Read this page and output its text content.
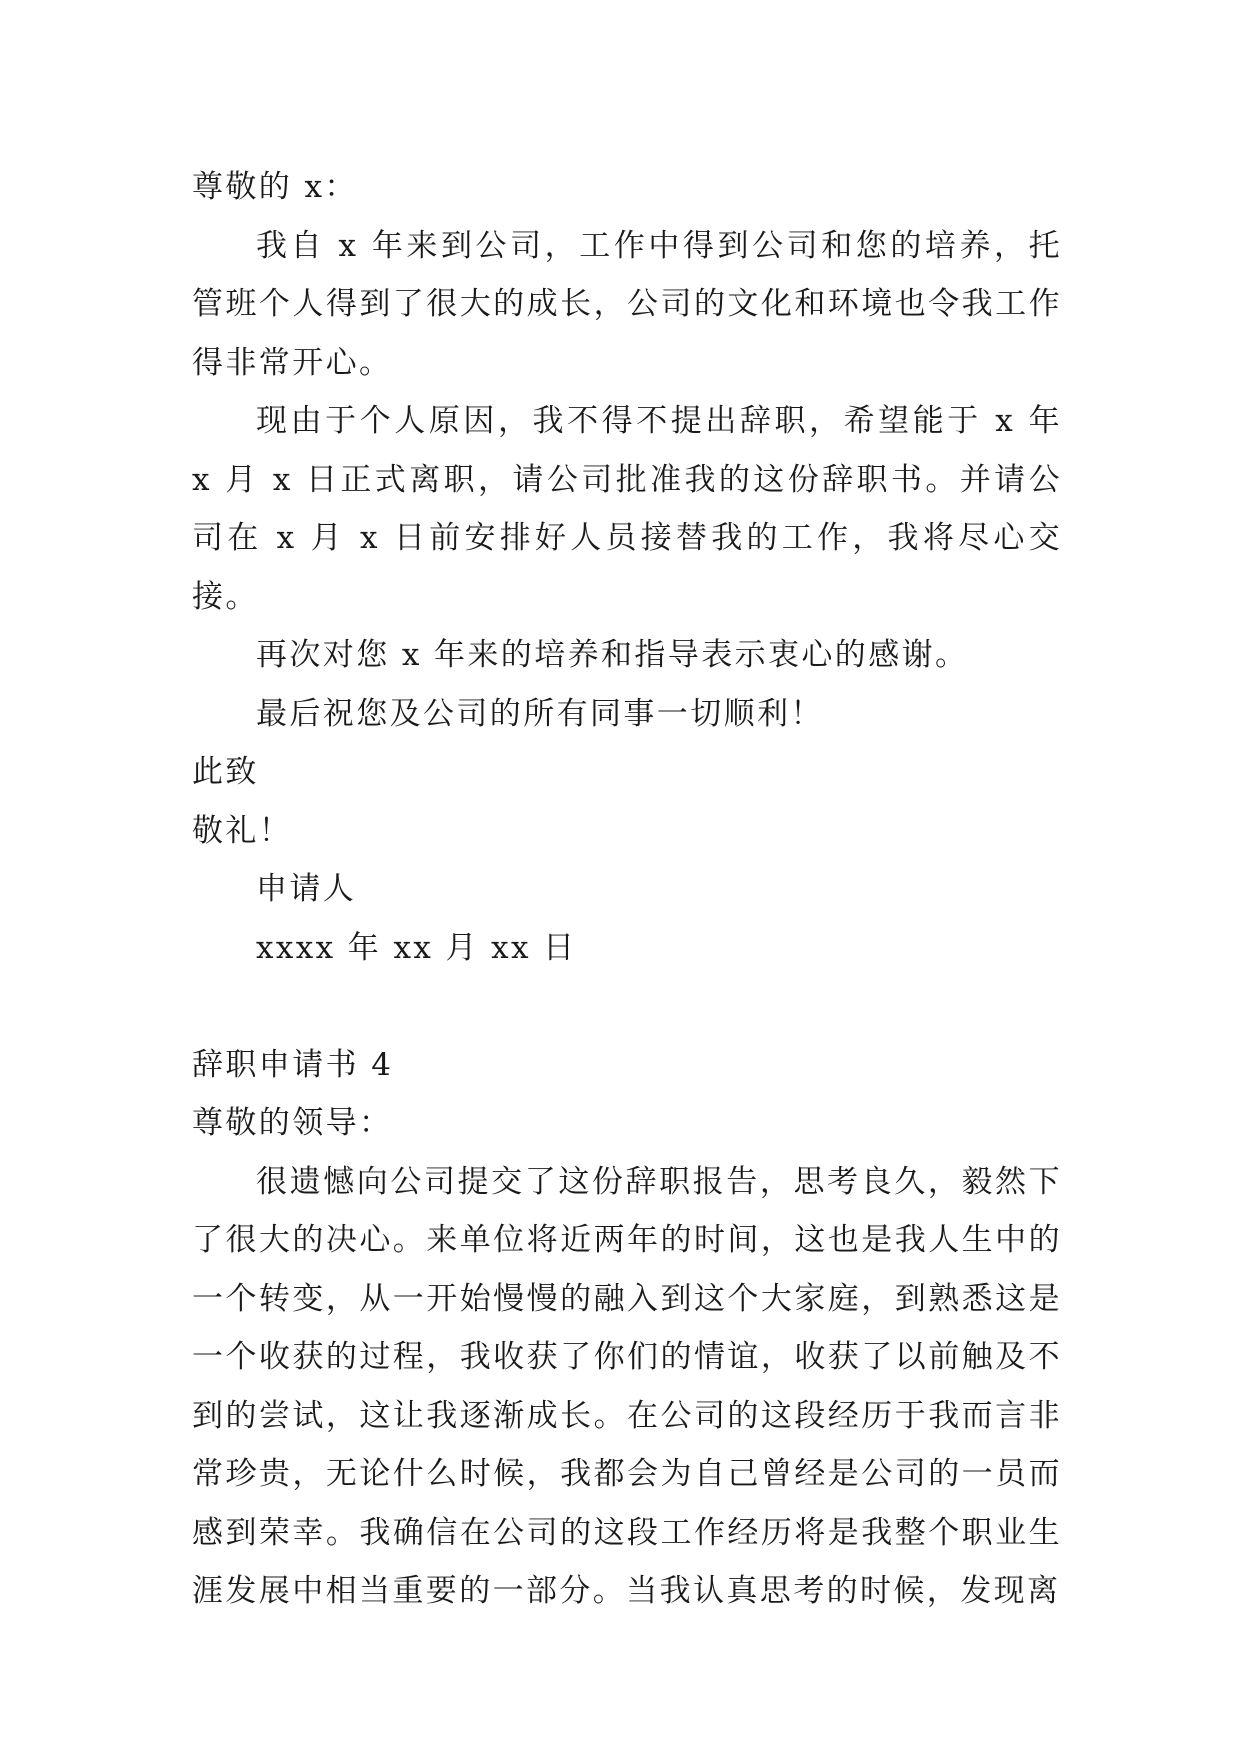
尊敬的 x：

我自 x 年来到公司，工作中得到公司和您的培养，托管班个人得到了很大的成长，公司的文化和环境也令我工作得非常开心。

现由于个人原因，我不得不提出辞职，希望能于 x 年 x 月 x 日正式离职，请公司批准我的这份辞职书。并请公司在 x 月 x 日前安排好人员接替我的工作，我将尽心交接。

再次对您 x 年来的培养和指导表示衷心的感谢。

最后祝您及公司的所有同事一切顺利！

此致

敬礼！

申请人

xxxx 年 xx 月 xx 日

辞职申请书 4

尊敬的领导：

很遗憾向公司提交了这份辞职报告，思考良久，毅然下了很大的决心。来单位将近两年的时间，这也是我人生中的一个转变，从一开始慢慢的融入到这个大家庭，到熟悉这是一个收获的过程，我收获了你们的情谊，收获了以前触及不到的尝试，这让我逐渐成长。在公司的这段经历于我而言非常珍贵，无论什么时候，我都会为自己曾经是公司的一员而感到荣幸。我确信在公司的这段工作经历将是我整个职业生涯发展中相当重要的一部分。当我认真思考的时候，发现离
